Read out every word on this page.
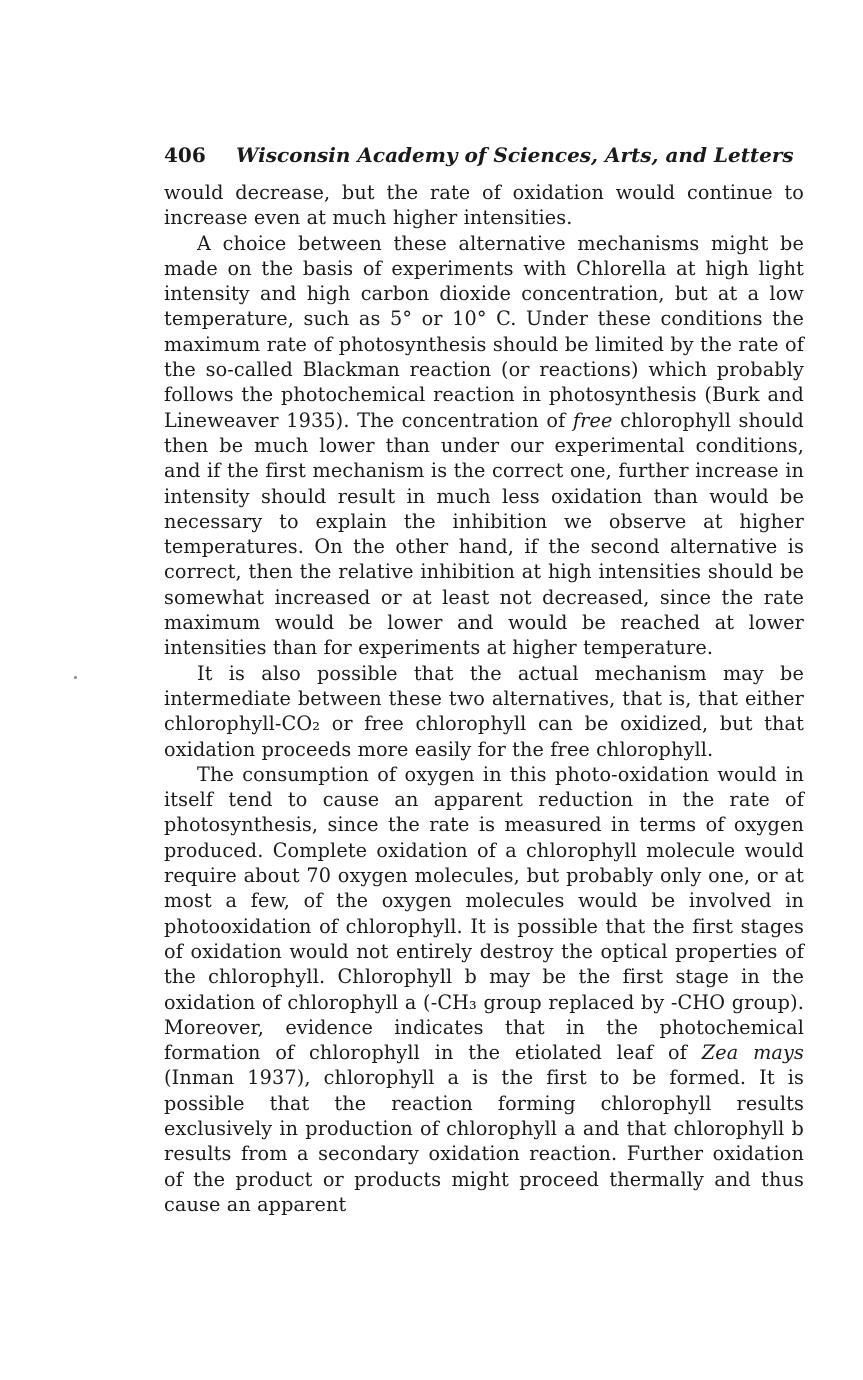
406	Wisconsin Academy of Sciences, Arts, and Letters

would decrease, but the rate of oxidation would continue to increase even at much higher intensities.

A choice between these alternative mechanisms might be made on the basis of experiments with Chlorella at high light intensity and high carbon dioxide concentration, but at a low temperature, such as 5° or 10° C. Under these conditions the maximum rate of photosynthesis should be limited by the rate of the so-called Blackman reaction (or reactions) which probably follows the photochemical reaction in photosynthesis (Burk and Lineweaver 1935). The concentration of free chlorophyll should then be much lower than under our experimental conditions, and if the first mechanism is the correct one, further increase in intensity should result in much less oxidation than would be necessary to explain the inhibition we observe at higher temperatures. On the other hand, if the second alternative is correct, then the relative inhibition at high intensities should be somewhat increased or at least not decreased, since the rate maximum would be lower and would be reached at lower intensities than for experiments at higher temperature.

It is also possible that the actual mechanism may be intermediate between these two alternatives, that is, that either chlorophyll-CO₂ or free chlorophyll can be oxidized, but that oxidation proceeds more easily for the free chlorophyll.

The consumption of oxygen in this photo-oxidation would in itself tend to cause an apparent reduction in the rate of photosynthesis, since the rate is measured in terms of oxygen produced. Complete oxidation of a chlorophyll molecule would require about 70 oxygen molecules, but probably only one, or at most a few, of the oxygen molecules would be involved in photooxidation of chlorophyll. It is possible that the first stages of oxidation would not entirely destroy the optical properties of the chlorophyll. Chlorophyll b may be the first stage in the oxidation of chlorophyll a (-CH₃ group replaced by -CHO group). Moreover, evidence indicates that in the photochemical formation of chlorophyll in the etiolated leaf of Zea mays (Inman 1937), chlorophyll a is the first to be formed. It is possible that the reaction forming chlorophyll results exclusively in production of chlorophyll a and that chlorophyll b results from a secondary oxidation reaction. Further oxidation of the product or products might proceed thermally and thus cause an apparent
